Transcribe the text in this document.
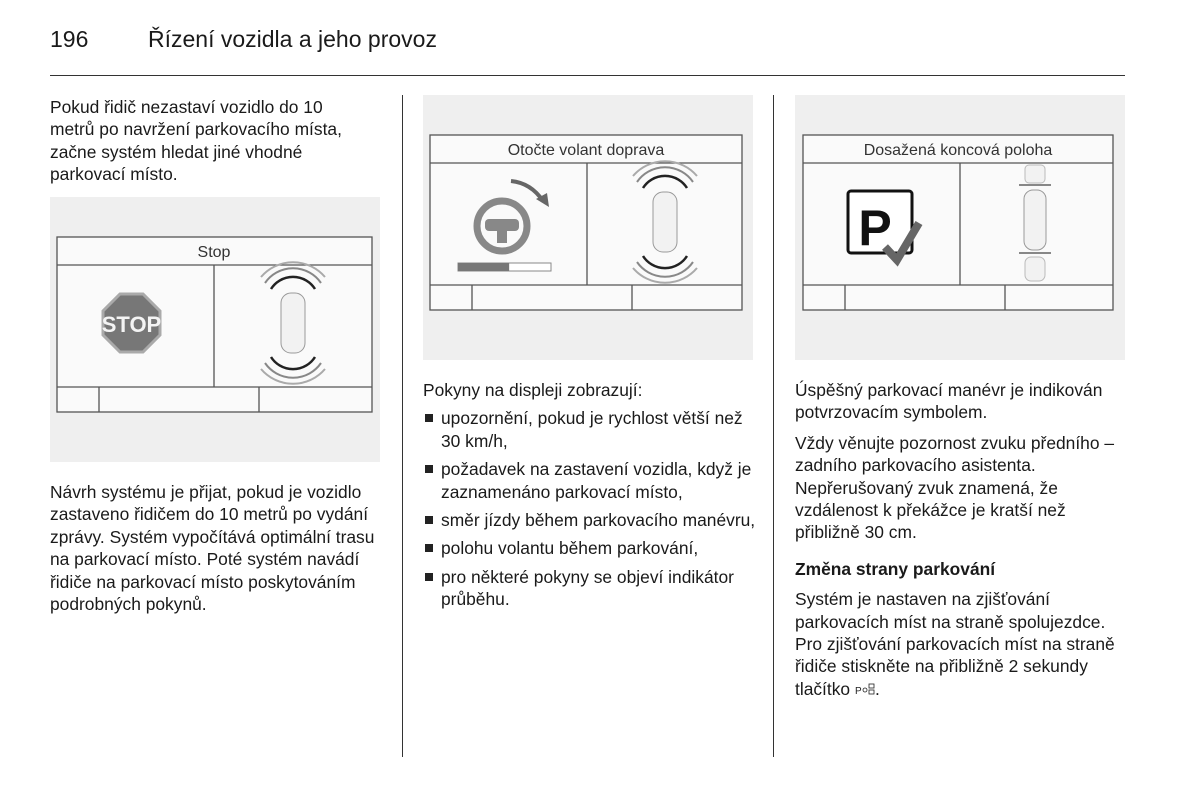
196	Řízení vozidla a jeho provoz
Pokud řidič nezastaví vozidlo do 10 metrů po navržení parkovacího místa, začne systém hledat jiné vhodné parkovací místo.
Stop
STOP
Návrh systému je přijat, pokud je vozidlo zastaveno řidičem do 10 metrů po vydání zprávy. Systém vypočítává optimální trasu na parkovací místo. Poté systém navádí řidiče na parkovací místo poskytováním podrobných pokynů.
Otočte volant doprava
Pokyny na displeji zobrazují:
upozornění, pokud je rychlost větší než 30 km/h,
požadavek na zastavení vozidla, když je zaznamenáno parkovací místo,
směr jízdy během parkovacího manévru,
polohu volantu během parkování,
pro některé pokyny se objeví indikátor průběhu.
Dosažená koncová poloha
P

Úspěšný parkovací manévr je indikován potvrzovacím symbolem.

Vždy věnujte pozornost zvuku předního – zadního parkovacího asistenta. Nepřerušovaný zvuk znamená, že vzdálenost k překážce je kratší než přibližně 30 cm.

Změna strany parkování

Systém je nastaven na zjišťování parkovacích míst na straně spolujezdce. Pro zjišťování parkovacích míst na straně řidiče stiskněte na přibližně 2 sekundy tlačítko P .
